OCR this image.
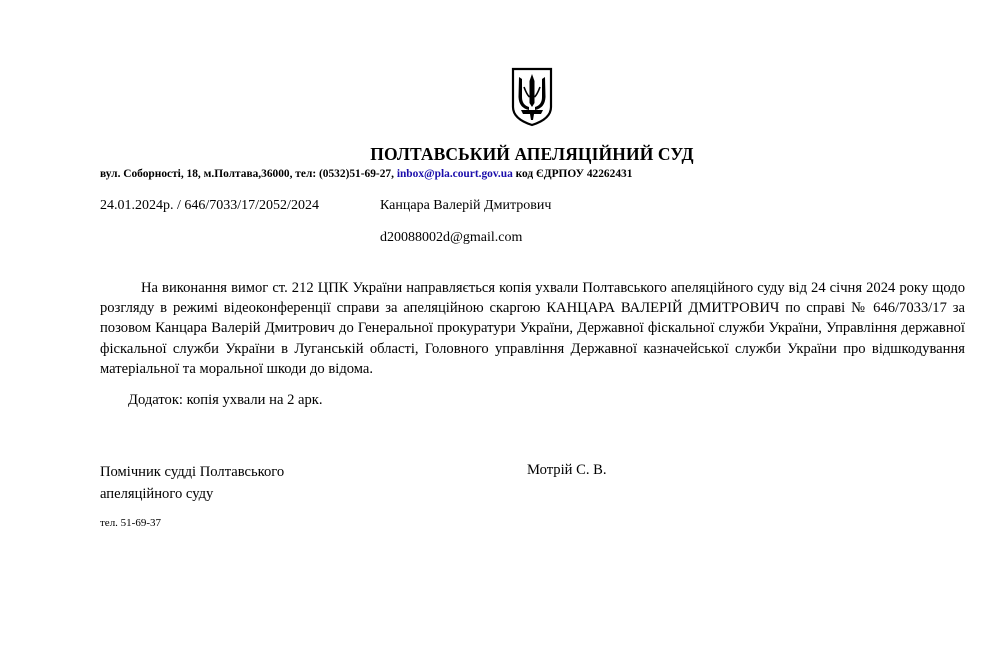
ПОЛТАВСЬКИЙ АПЕЛЯЦІЙНИЙ СУД
вул. Соборності, 18, м.Полтава,36000, тел: (0532)51-69-27, inbox@pla.court.gov.ua код ЄДРПОУ 42262431
24.01.2024р. / 646/7033/17/2052/2024	Канцара Валерій Дмитрович
d20088002d@gmail.com
На виконання вимог ст. 212 ЦПК України направляється копія ухвали Полтавського апеляційного суду від 24 січня 2024 року щодо розгляду в режимі відеоконференції справи за апеляційною скаргою КАНЦАРА ВАЛЕРІЙ ДМИТРОВИЧ по справі № 646/7033/17 за позовом Канцара Валерій Дмитрович до Генеральної прокуратури України, Державної фіскальної служби України, Управління державної фіскальної служби України в Луганській області, Головного управління Державної казначейської служби України про відшкодування матеріальної та моральної шкоди до відома.
Додаток: копія ухвали на 2 арк.
Помічник судді Полтавського
апеляційного суду
Мотрій С. В.
тел. 51-69-37
